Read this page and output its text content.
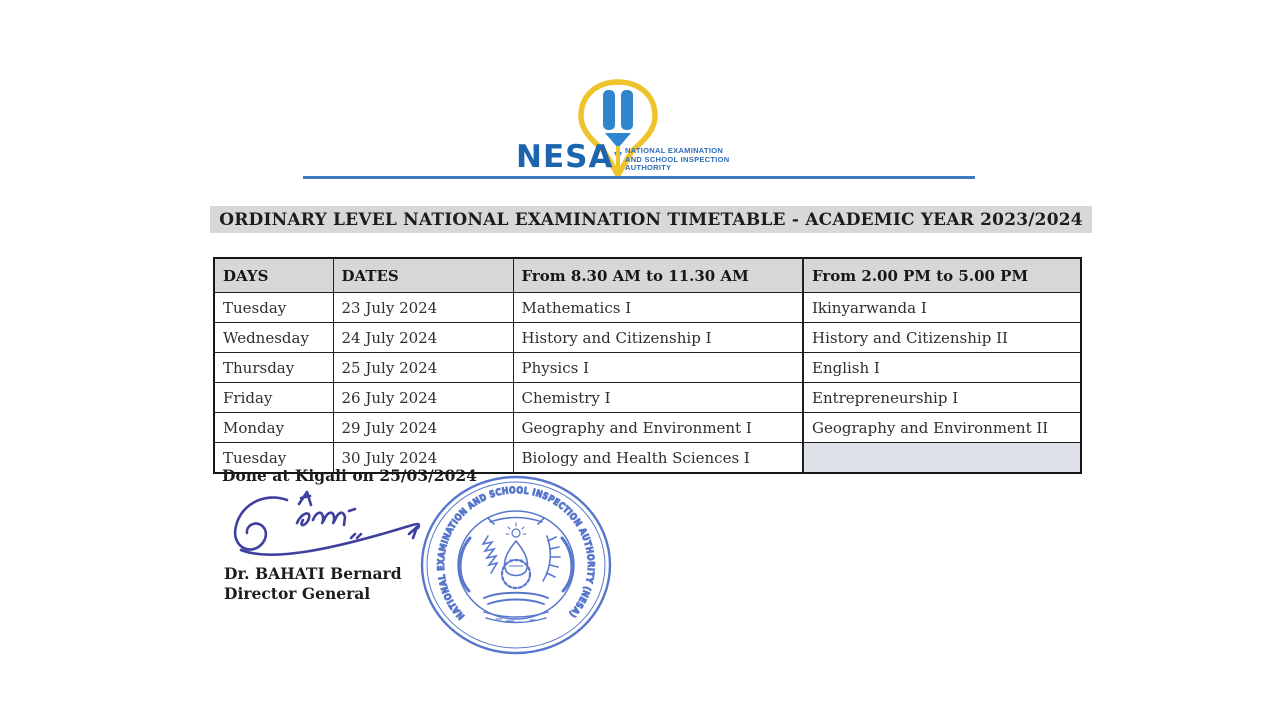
NESA	NATIONAL EXAMINATION
AND SCHOOL INSPECTION
AUTHORITY
ORDINARY LEVEL NATIONAL EXAMINATION TIMETABLE - ACADEMIC YEAR 2023/2024
DAYS	DATES	From 8.30 AM to 11.30 AM	From 2.00 PM to 5.00 PM
Tuesday	23 July 2024	Mathematics I	Ikinyarwanda I
Wednesday	24 July 2024	History and Citizenship I	History and Citizenship II
Thursday	25 July 2024	Physics I	English I
Friday	26 July 2024	Chemistry I	Entrepreneurship I
Monday	29 July 2024	Geography and Environment I	Geography and Environment II
Tuesday	30 July 2024	Biology and Health Sciences I	
Done at Kigali on 25/03/2024
Dr. BAHATI Bernard
Director General
NATIONAL EXAMINATION AND SCHOOL INSPECTION AUTHORITY (NESA)
